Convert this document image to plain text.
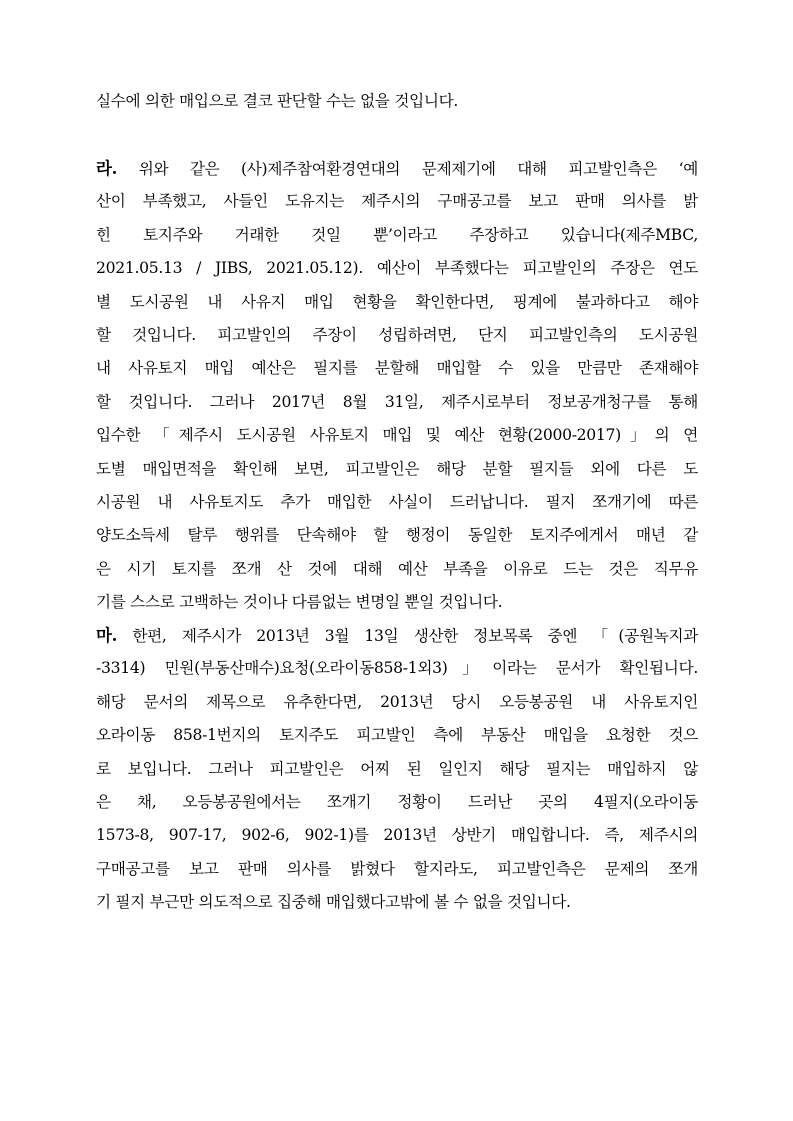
실수에 의한 매입으로 결코 판단할 수는 없을 것입니다.
라. 위와 같은 (사)제주참여환경연대의 문제제기에 대해 피고발인측은 ‘예
산이 부족했고, 사들인 도유지는 제주시의 구매공고를 보고 판매 의사를 밝
힌 토지주와 거래한 것일 뿐’이라고 주장하고 있습니다(제주MBC,
2021.05.13 / JIBS, 2021.05.12). 예산이 부족했다는 피고발인의 주장은 연도
별 도시공원 내 사유지 매입 현황을 확인한다면, 핑계에 불과하다고 해야
할 것입니다. 피고발인의 주장이 성립하려면, 단지 피고발인측의 도시공원
내 사유토지 매입 예산은 필지를 분할해 매입할 수 있을 만큼만 존재해야
할 것입니다. 그러나 2017년 8월 31일, 제주시로부터 정보공개청구를 통해
입수한 「제주시 도시공원 사유토지 매입 및 예산 현황(2000-2017)」의 연
도별 매입면적을 확인해 보면, 피고발인은 해당 분할 필지들 외에 다른 도
시공원 내 사유토지도 추가 매입한 사실이 드러납니다. 필지 쪼개기에 따른
양도소득세 탈루 행위를 단속해야 할 행정이 동일한 토지주에게서 매년 같
은 시기 토지를 쪼개 산 것에 대해 예산 부족을 이유로 드는 것은 직무유
기를 스스로 고백하는 것이나 다름없는 변명일 뿐일 것입니다.
마. 한편, 제주시가 2013년 3월 13일 생산한 정보목록 중엔 「(공원녹지과
-3314) 민원(부동산매수)요청(오라이동858-1외3)」이라는 문서가 확인됩니다.
해당 문서의 제목으로 유추한다면, 2013년 당시 오등봉공원 내 사유토지인
오라이동 858-1번지의 토지주도 피고발인 측에 부동산 매입을 요청한 것으
로 보입니다. 그러나 피고발인은 어찌 된 일인지 해당 필지는 매입하지 않
은 채, 오등봉공원에서는 쪼개기 정황이 드러난 곳의 4필지(오라이동
1573-8, 907-17, 902-6, 902-1)를 2013년 상반기 매입합니다. 즉, 제주시의
구매공고를 보고 판매 의사를 밝혔다 할지라도, 피고발인측은 문제의 쪼개
기 필지 부근만 의도적으로 집중해 매입했다고밖에 볼 수 없을 것입니다.
